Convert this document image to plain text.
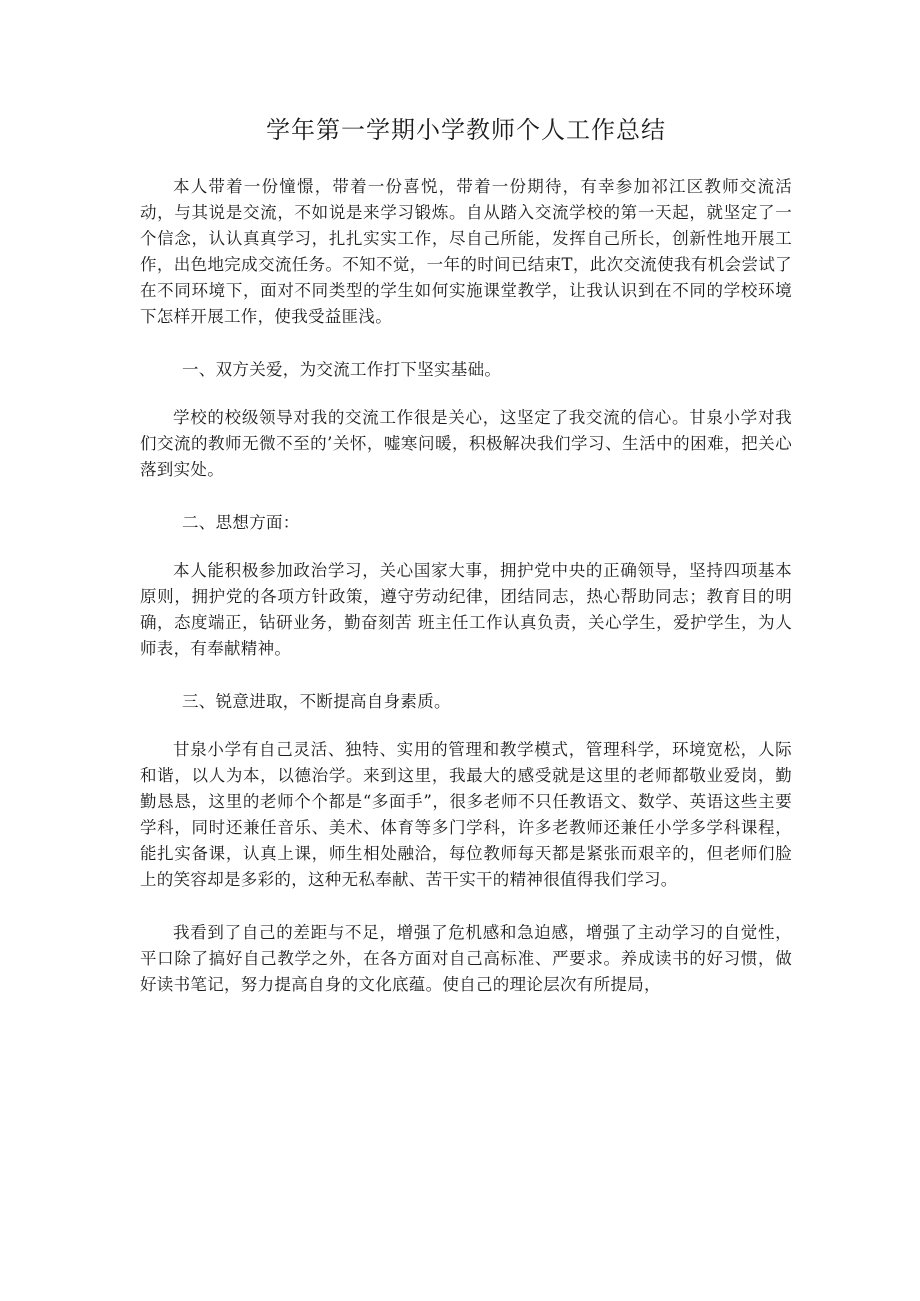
学年第一学期小学教师个人工作总结

本人带着一份憧憬，带着一份喜悦，带着一份期待，有幸参加祁江区教师交流活动，与其说是交流，不如说是来学习锻炼。自从踏入交流学校的第一天起，就坚定了一个信念，认认真真学习，扎扎实实工作，尽自己所能，发挥自己所长，创新性地开展工作，出色地完成交流任务。不知不觉，一年的时间已结束T，此次交流使我有机会尝试了在不同环境下，面对不同类型的学生如何实施课堂教学，让我认识到在不同的学校环境下怎样开展工作，使我受益匪浅。

一、双方关爱，为交流工作打下坚实基础。

学校的校级领导对我的交流工作很是关心，这坚定了我交流的信心。甘泉小学对我们交流的教师无微不至的’关怀，嘘寒问暖，积极解决我们学习、生活中的困难，把关心落到实处。

二、思想方面：

本人能积极参加政治学习，关心国家大事，拥护党中央的正确领导，坚持四项基本原则，拥护党的各项方针政策，遵守劳动纪律，团结同志，热心帮助同志；教育目的明确，态度端正，钻研业务，勤奋刻苦 班主任工作认真负责，关心学生，爱护学生，为人师表，有奉献精神。

三、锐意进取，不断提高自身素质。

甘泉小学有自己灵活、独特、实用的管理和教学模式，管理科学，环境宽松，人际和谐，以人为本，以德治学。来到这里，我最大的感受就是这里的老师都敬业爱岗，勤勤恳恳，这里的老师个个都是“多面手”，很多老师不只任教语文、数学、英语这些主要学科，同时还兼任音乐、美术、体育等多门学科，许多老教师还兼任小学多学科课程，能扎实备课，认真上课，师生相处融洽，每位教师每天都是紧张而艰辛的，但老师们脸上的笑容却是多彩的，这种无私奉献、苦干实干的精神很值得我们学习。

我看到了自己的差距与不足，增强了危机感和急迫感，增强了主动学习的自觉性，平口除了搞好自己教学之外，在各方面对自己高标准、严要求。养成读书的好习惯，做好读书笔记，努力提高自身的文化底蕴。使自己的理论层次有所提局，
